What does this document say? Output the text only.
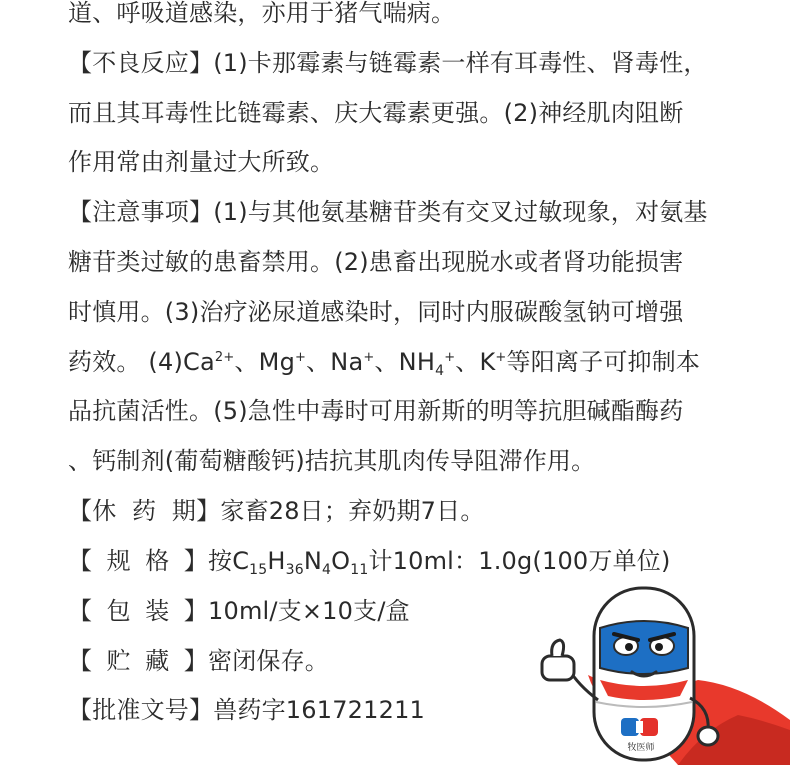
道、呼吸道感染，亦用于猪气喘病。
【不良反应】(1)卡那霉素与链霉素一样有耳毒性、肾毒性，
而且其耳毒性比链霉素、庆大霉素更强。(2)神经肌肉阻断
作用常由剂量过大所致。
【注意事项】(1)与其他氨基糖苷类有交叉过敏现象，对氨基
糖苷类过敏的患畜禁用。(2)患畜出现脱水或者肾功能损害
时慎用。(3)治疗泌尿道感染时，同时内服碳酸氢钠可增强
药效。 $(4)Ca^{2+}$、Mg+、Na+、$NH_4^+$、K+等阳离子可抑制本
品抗菌活性。(5)急性中毒时可用新斯的明等抗胆碱酯酶药
、钙制剂(葡萄糖酸钙)拮抗其肌肉传导阻滞作用。
【休  药  期】家畜28日；弃奶期7日。
【 规 格 】 按$C_{15}H_{36}N_4O_{11}$计10ml：1.0g(100万单位)
【 包 装 】 10ml/支×10支/盒
【 贮 藏 】 密闭保存。
【批准文号】兽药字161721211
牧医师
